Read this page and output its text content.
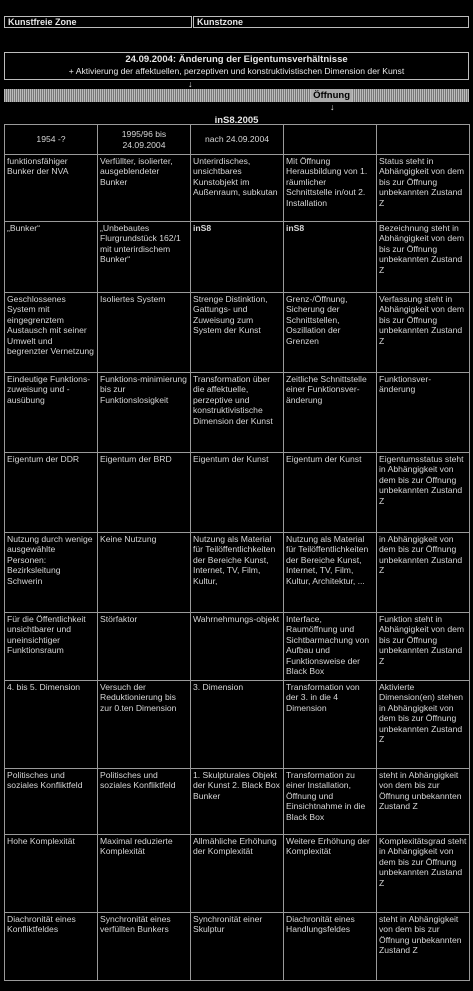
Kunstfreie Zone	Kunstzone
24.09.2004: Änderung der Eigentumsverhältnisse
+ Aktivierung der affektuellen, perzeptiven und konstruktivistischen Dimension der Kunst
↓
Öffnung
↓
inS8.2005
1954 -?	1995/96 bis 24.09.2004	nach 24.09.2004		
funktionsfähiger Bunker der NVA	Verfüllter, isolierter, ausgeblendeter Bunker	Unterirdisches, unsichtbares Kunstobjekt im Außenraum, subkutan	Mit Öffnung Herausbildung von 1. räumlicher Schnittstelle in/out 2. Installation	Status steht in Abhängigkeit von dem bis zur Öffnung unbekannten Zustand Z
„Bunker“	„Unbebautes Flurgrundstück 162/1 mit unterirdischem Bunker“	inS8	inS8	Bezeichnung steht in Abhängigkeit von dem bis zur Öffnung unbekannten Zustand Z
Geschlossenes System mit eingegrenztem Austausch mit seiner Umwelt und begrenzter Vernetzung	Isoliertes System	Strenge Distinktion, Gattungs- und Zuweisung zum System der Kunst	Grenz-/Öffnung, Sicherung der Schnittstellen, Oszillation der Grenzen	Verfassung steht in Abhängigkeit von dem bis zur Öffnung unbekannten Zustand Z
Eindeutige Funktions-zuweisung und -ausübung	Funktions-minimierung bis zur Funktionslosigkeit	Transformation über die affektuelle, perzeptive und konstruktivistische Dimension der Kunst	Zeitliche Schnittstelle einer Funktionsver-änderung	Funktionsver-änderung
Eigentum der DDR	Eigentum der BRD	Eigentum der Kunst	Eigentum der Kunst	Eigentumsstatus steht in Abhängigkeit von dem bis zur Öffnung unbekannten Zustand Z
Nutzung durch wenige ausgewählte Personen: Bezirksleitung Schwerin	Keine Nutzung	Nutzung als Material für Teilöffentlichkeiten der Bereiche Kunst, Internet, TV, Film, Kultur,	Nutzung als Material für Teilöffentlichkeiten der Bereiche Kunst, Internet, TV, Film, Kultur, Architektur, ...	in Abhängigkeit von dem bis zur Öffnung unbekannten Zustand Z
Für die Öffentlichkeit unsichtbarer und uneinsichtiger Funktionsraum	Störfaktor	Wahrnehmungs-objekt	Interface, Raumöffnung und Sichtbarmachung von Aufbau und Funktionsweise der Black Box	Funktion steht in Abhängigkeit von dem bis zur Öffnung unbekannten Zustand Z
4. bis 5. Dimension	Versuch der Reduktionierung bis zur 0.ten Dimension	3. Dimension	Transformation von der 3. in die 4 Dimension	Aktivierte Dimension(en) stehen in Abhängigkeit von dem bis zur Öffnung unbekannten Zustand Z
Politisches und soziales Konfliktfeld	Politisches und soziales Konfliktfeld	1. Skulpturales Objekt der Kunst 2. Black Box Bunker	Transformation zu einer Installation, Öffnung und Einsichtnahme in die Black Box	steht in Abhängigkeit von dem bis zur Öffnung unbekannten Zustand Z
Hohe Komplexität	Maximal reduzierte Komplexität	Allmähliche Erhöhung der Komplexität	Weitere Erhöhung der Komplexität	Komplexitätsgrad steht in Abhängigkeit von dem bis zur Öffnung unbekannten Zustand Z
Diachronität eines Konfliktfeldes	Synchronität eines verfüllten Bunkers	Synchronität einer Skulptur	Diachronität eines Handlungsfeldes	steht in Abhängigkeit von dem bis zur Öffnung unbekannten Zustand Z
